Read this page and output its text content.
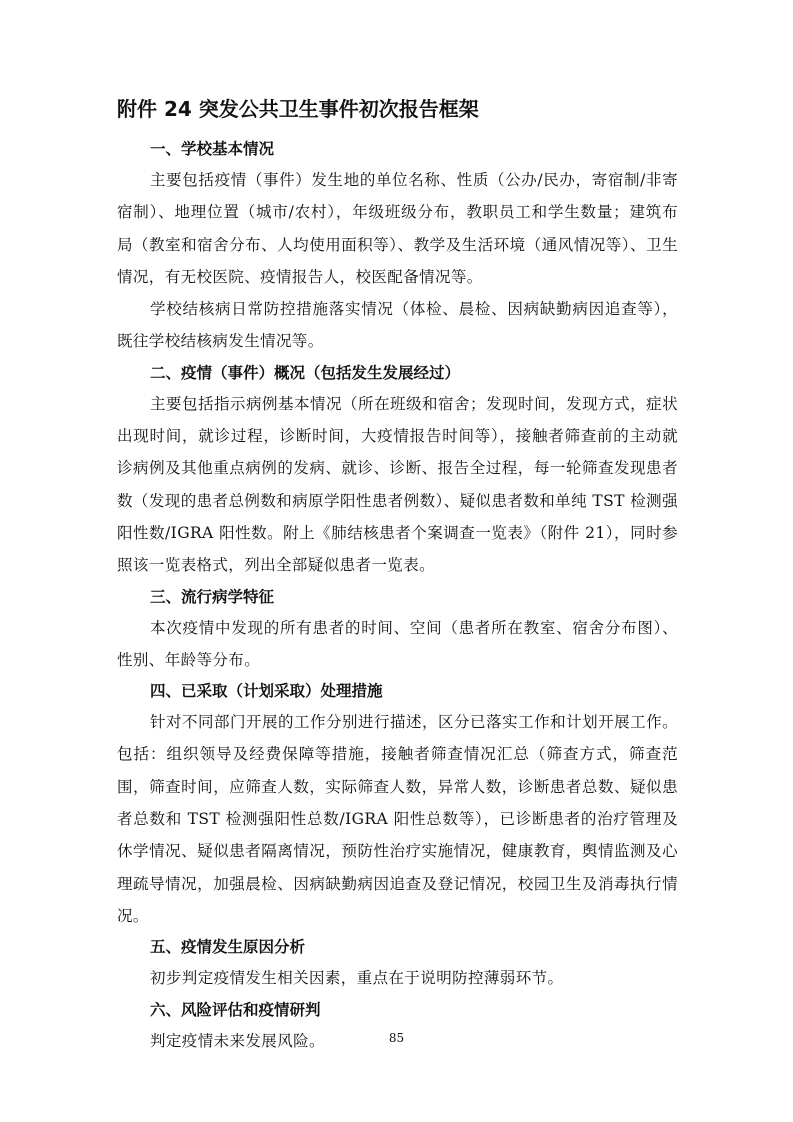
附件 24 突发公共卫生事件初次报告框架
一、学校基本情况

主要包括疫情（事件）发生地的单位名称、性质（公办/民办，寄宿制/非寄宿制）、地理位置（城市/农村），年级班级分布，教职员工和学生数量；建筑布局（教室和宿舍分布、人均使用面积等）、教学及生活环境（通风情况等）、卫生情况，有无校医院、疫情报告人，校医配备情况等。

学校结核病日常防控措施落实情况（体检、晨检、因病缺勤病因追查等），既往学校结核病发生情况等。

二、疫情（事件）概况（包括发生发展经过）

主要包括指示病例基本情况（所在班级和宿舍；发现时间，发现方式，症状出现时间，就诊过程，诊断时间，大疫情报告时间等），接触者筛查前的主动就诊病例及其他重点病例的发病、就诊、诊断、报告全过程，每一轮筛查发现患者数（发现的患者总例数和病原学阳性患者例数）、疑似患者数和单纯 TST 检测强阳性数/IGRA 阳性数。附上《肺结核患者个案调查一览表》（附件 21），同时参照该一览表格式，列出全部疑似患者一览表。

三、流行病学特征

本次疫情中发现的所有患者的时间、空间（患者所在教室、宿舍分布图）、性别、年龄等分布。

四、已采取（计划采取）处理措施

针对不同部门开展的工作分别进行描述，区分已落实工作和计划开展工作。包括：组织领导及经费保障等措施，接触者筛查情况汇总（筛查方式，筛查范围，筛查时间，应筛查人数，实际筛查人数，异常人数，诊断患者总数、疑似患者总数和 TST 检测强阳性总数/IGRA 阳性总数等），已诊断患者的治疗管理及休学情况、疑似患者隔离情况，预防性治疗实施情况，健康教育，舆情监测及心理疏导情况，加强晨检、因病缺勤病因追查及登记情况，校园卫生及消毒执行情况。

五、疫情发生原因分析

初步判定疫情发生相关因素，重点在于说明防控薄弱环节。

六、风险评估和疫情研判

判定疫情未来发展风险。	85
